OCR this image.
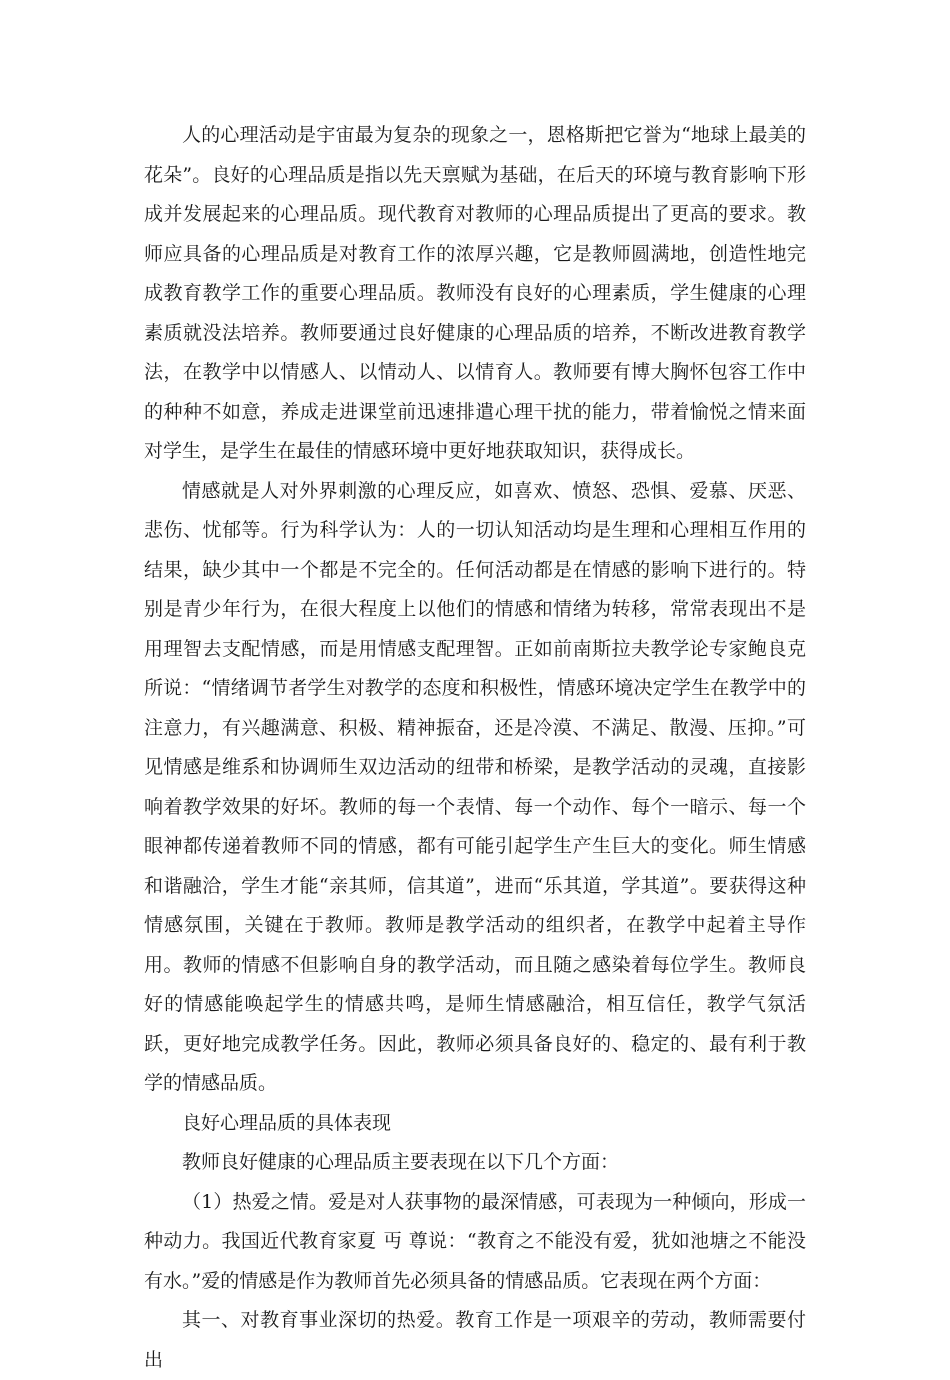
人的心理活动是宇宙最为复杂的现象之一，恩格斯把它誉为“地球上最美的花朵”。良好的心理品质是指以先天禀赋为基础，在后天的环境与教育影响下形成并发展起来的心理品质。现代教育对教师的心理品质提出了更高的要求。教师应具备的心理品质是对教育工作的浓厚兴趣，它是教师圆满地，创造性地完成教育教学工作的重要心理品质。教师没有良好的心理素质，学生健康的心理素质就没法培养。教师要通过良好健康的心理品质的培养，不断改进教育教学法，在教学中以情感人、以情动人、以情育人。教师要有博大胸怀包容工作中的种种不如意，养成走进课堂前迅速排遣心理干扰的能力，带着愉悦之情来面对学生，是学生在最佳的情感环境中更好地获取知识，获得成长。

情感就是人对外界刺激的心理反应，如喜欢、愤怒、恐惧、爱慕、厌恶、悲伤、忧郁等。行为科学认为：人的一切认知活动均是生理和心理相互作用的结果，缺少其中一个都是不完全的。任何活动都是在情感的影响下进行的。特别是青少年行为，在很大程度上以他们的情感和情绪为转移，常常表现出不是用理智去支配情感，而是用情感支配理智。正如前南斯拉夫教学论专家鲍良克所说：“情绪调节者学生对教学的态度和积极性，情感环境决定学生在教学中的注意力，有兴趣满意、积极、精神振奋，还是冷漠、不满足、散漫、压抑。”可见情感是维系和协调师生双边活动的纽带和桥梁，是教学活动的灵魂，直接影响着教学效果的好坏。教师的每一个表情、每一个动作、每个一暗示、每一个眼神都传递着教师不同的情感，都有可能引起学生产生巨大的变化。师生情感和谐融洽，学生才能“亲其师，信其道”，进而“乐其道，学其道”。要获得这种情感氛围，关键在于教师。教师是教学活动的组织者，在教学中起着主导作用。教师的情感不但影响自身的教学活动，而且随之感染着每位学生。教师良好的情感能唤起学生的情感共鸣，是师生情感融洽，相互信任，教学气氛活跃，更好地完成教学任务。因此，教师必须具备良好的、稳定的、最有利于教学的情感品质。

良好心理品质的具体表现

教师良好健康的心理品质主要表现在以下几个方面：

（1）热爱之情。爱是对人获事物的最深情感，可表现为一种倾向，形成一种动力。我国近代教育家夏 丏 尊说：“教育之不能没有爱，犹如池塘之不能没有水。”爱的情感是作为教师首先必须具备的情感品质。它表现在两个方面：

其一、对教育事业深切的热爱。教育工作是一项艰辛的劳动，教师需要付出
